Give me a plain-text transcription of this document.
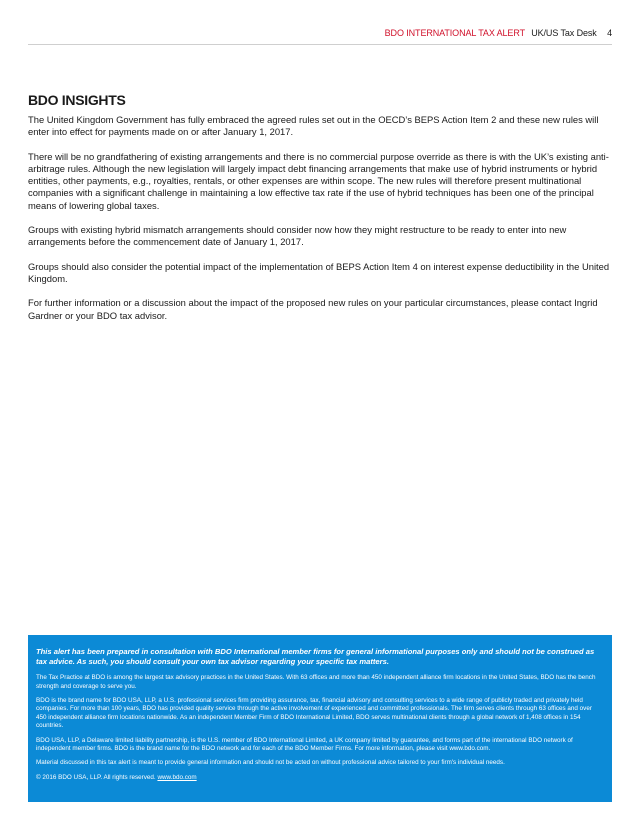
BDO INTERNATIONAL TAX ALERT UK/US Tax Desk 4
BDO INSIGHTS

The United Kingdom Government has fully embraced the agreed rules set out in the OECD’s BEPS Action Item 2 and these new rules will enter into effect for payments made on or after January 1, 2017.

There will be no grandfathering of existing arrangements and there is no commercial purpose override as there is with the UK’s existing anti-arbitrage rules. Although the new legislation will largely impact debt financing arrangements that make use of hybrid instruments or hybrid entities, other payments, e.g., royalties, rentals, or other expenses are within scope. The new rules will therefore present multinational companies with a significant challenge in maintaining a low effective tax rate if the use of hybrid techniques has been one of the principal means of lowering global taxes.

Groups with existing hybrid mismatch arrangements should consider now how they might restructure to be ready to enter into new arrangements before the commencement date of January 1, 2017.

Groups should also consider the potential impact of the implementation of BEPS Action Item 4 on interest expense deductibility in the United Kingdom.

For further information or a discussion about the impact of the proposed new rules on your particular circumstances, please contact Ingrid Gardner or your BDO tax advisor.

This alert has been prepared in consultation with BDO International member firms for general informational purposes only and should not be construed as tax advice. As such, you should consult your own tax advisor regarding your specific tax matters.

The Tax Practice at BDO is among the largest tax advisory practices in the United States. With 63 offices and more than 450 independent alliance firm locations in the United States, BDO has the bench strength and coverage to serve you.

BDO is the brand name for BDO USA, LLP, a U.S. professional services firm providing assurance, tax, financial advisory and consulting services to a wide range of publicly traded and privately held companies. For more than 100 years, BDO has provided quality service through the active involvement of experienced and committed professionals. The firm serves clients through 63 offices and over 450 independent alliance firm locations nationwide. As an independent Member Firm of BDO International Limited, BDO serves multinational clients through a global network of 1,408 offices in 154 countries.

BDO USA, LLP, a Delaware limited liability partnership, is the U.S. member of BDO International Limited, a UK company limited by guarantee, and forms part of the international BDO network of independent member firms. BDO is the brand name for the BDO network and for each of the BDO Member Firms. For more information, please visit www.bdo.com.

Material discussed in this tax alert is meant to provide general information and should not be acted on without professional advice tailored to your firm's individual needs.

© 2016 BDO USA, LLP. All rights reserved. www.bdo.com
